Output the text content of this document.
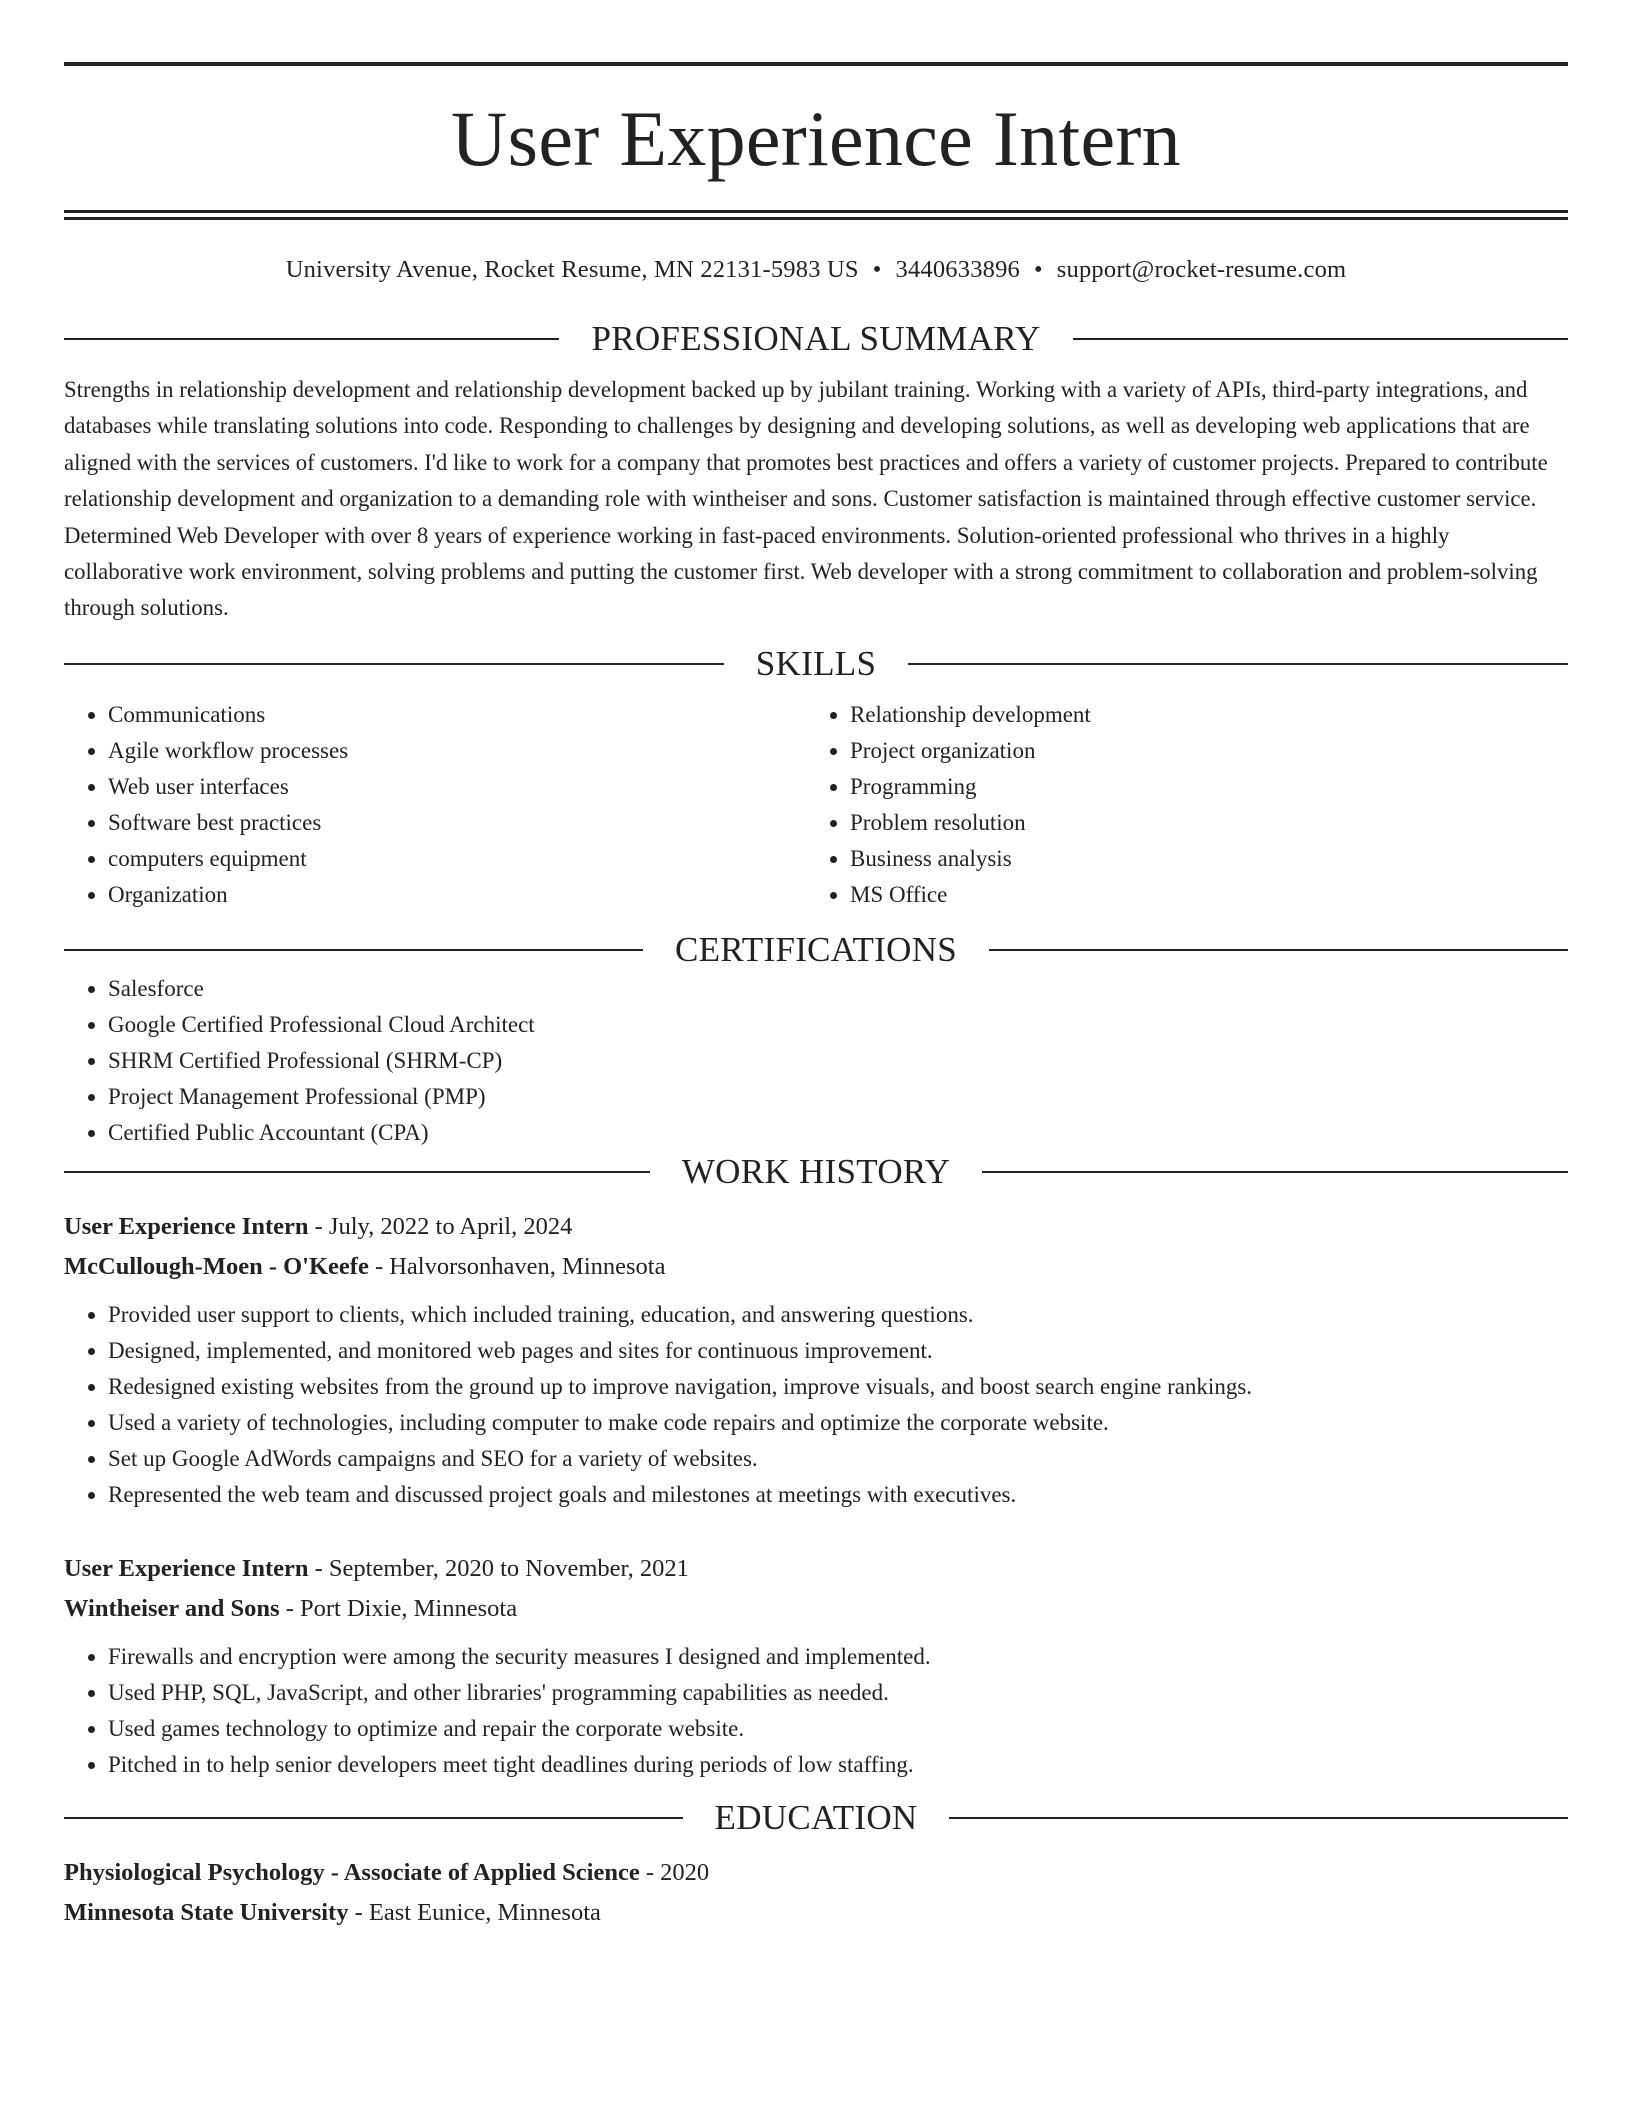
User Experience Intern
University Avenue, Rocket Resume, MN 22131-5983 US • 3440633896 • support@rocket-resume.com
PROFESSIONAL SUMMARY

Strengths in relationship development and relationship development backed up by jubilant training. Working with a variety of APIs, third-party integrations, and databases while translating solutions into code. Responding to challenges by designing and developing solutions, as well as developing web applications that are aligned with the services of customers. I'd like to work for a company that promotes best practices and offers a variety of customer projects. Prepared to contribute relationship development and organization to a demanding role with wintheiser and sons. Customer satisfaction is maintained through effective customer service. Determined Web Developer with over 8 years of experience working in fast-paced environments. Solution-oriented professional who thrives in a highly collaborative work environment, solving problems and putting the customer first. Web developer with a strong commitment to collaboration and problem-solving through solutions.

SKILLS
• Communications
• Agile workflow processes
• Web user interfaces
• Software best practices
• computers equipment
• Organization
• Relationship development
• Project organization
• Programming
• Problem resolution
• Business analysis
• MS Office
CERTIFICATIONS
• Salesforce
• Google Certified Professional Cloud Architect
• SHRM Certified Professional (SHRM-CP)
• Project Management Professional (PMP)
• Certified Public Accountant (CPA)
WORK HISTORY
User Experience Intern - July, 2022 to April, 2024
McCullough-Moen - O'Keefe - Halvorsonhaven, Minnesota
• Provided user support to clients, which included training, education, and answering questions.
• Designed, implemented, and monitored web pages and sites for continuous improvement.
• Redesigned existing websites from the ground up to improve navigation, improve visuals, and boost search engine rankings.
• Used a variety of technologies, including computer to make code repairs and optimize the corporate website.
• Set up Google AdWords campaigns and SEO for a variety of websites.
• Represented the web team and discussed project goals and milestones at meetings with executives.
User Experience Intern - September, 2020 to November, 2021
Wintheiser and Sons - Port Dixie, Minnesota
• Firewalls and encryption were among the security measures I designed and implemented.
• Used PHP, SQL, JavaScript, and other libraries' programming capabilities as needed.
• Used games technology to optimize and repair the corporate website.
• Pitched in to help senior developers meet tight deadlines during periods of low staffing.
EDUCATION
Physiological Psychology - Associate of Applied Science - 2020
Minnesota State University - East Eunice, Minnesota
